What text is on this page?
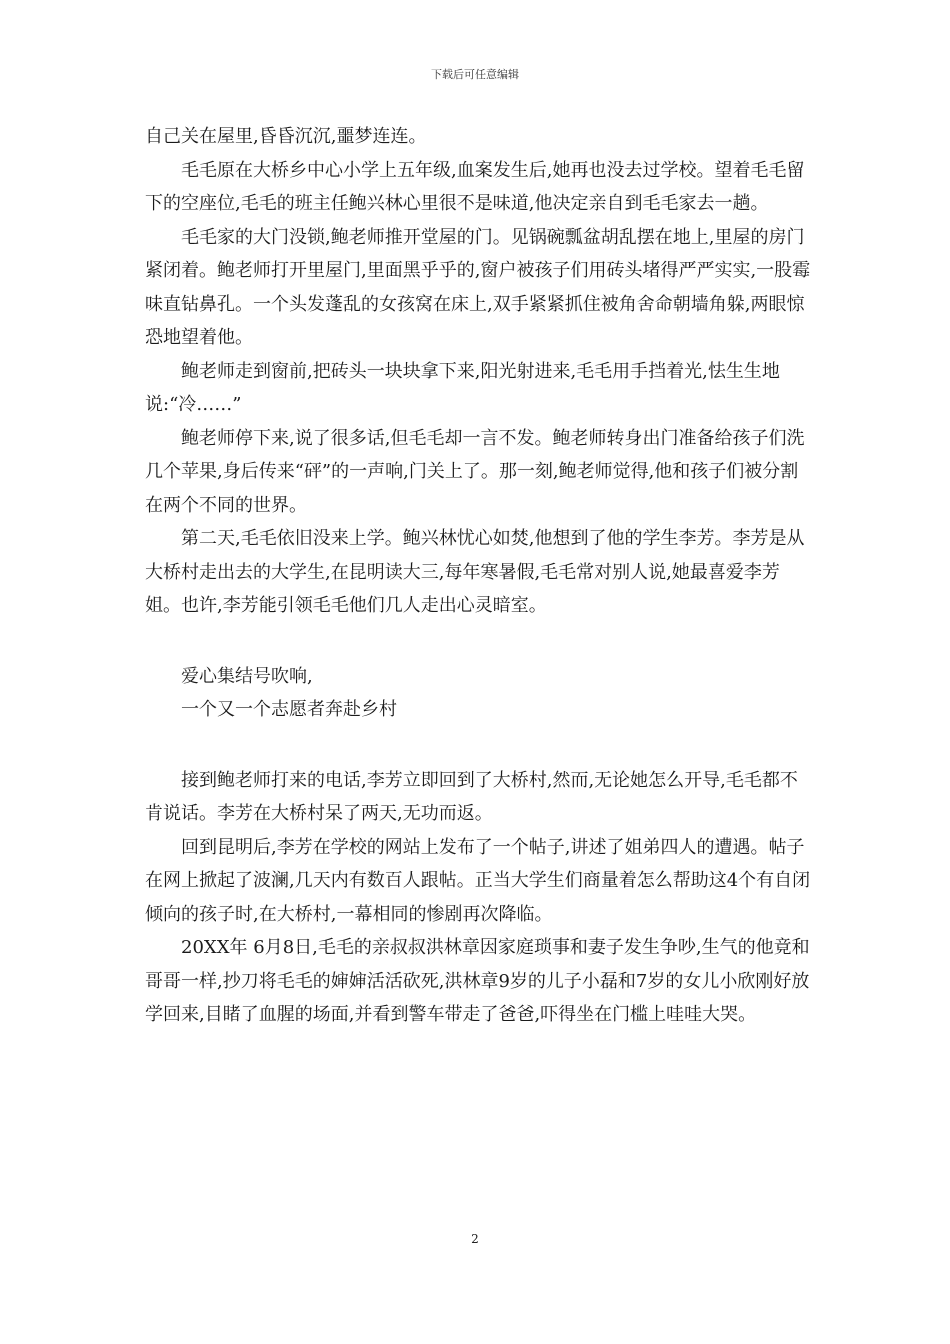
下载后可任意编辑

自己关在屋里,昏昏沉沉,噩梦连连。

毛毛原在大桥乡中心小学上五年级,血案发生后,她再也没去过学校。望着毛毛留下的空座位,毛毛的班主任鲍兴林心里很不是味道,他决定亲自到毛毛家去一趟。

毛毛家的大门没锁,鲍老师推开堂屋的门。见锅碗瓢盆胡乱摆在地上,里屋的房门紧闭着。鲍老师打开里屋门,里面黑乎乎的,窗户被孩子们用砖头堵得严严实实,一股霉味直钻鼻孔。一个头发蓬乱的女孩窝在床上,双手紧紧抓住被角舍命朝墙角躲,两眼惊恐地望着他。

鲍老师走到窗前,把砖头一块块拿下来,阳光射进来,毛毛用手挡着光,怯生生地说:“冷……”

鲍老师停下来,说了很多话,但毛毛却一言不发。鲍老师转身出门准备给孩子们洗几个苹果,身后传来“砰”的一声响,门关上了。那一刻,鲍老师觉得,他和孩子们被分割在两个不同的世界。

第二天,毛毛依旧没来上学。鲍兴林忧心如焚,他想到了他的学生李芳。李芳是从大桥村走出去的大学生,在昆明读大三,每年寒暑假,毛毛常对别人说,她最喜爱李芳姐。也许,李芳能引领毛毛他们几人走出心灵暗室。

爱心集结号吹响,

一个又一个志愿者奔赴乡村

接到鲍老师打来的电话,李芳立即回到了大桥村,然而,无论她怎么开导,毛毛都不肯说话。李芳在大桥村呆了两天,无功而返。

回到昆明后,李芳在学校的网站上发布了一个帖子,讲述了姐弟四人的遭遇。帖子在网上掀起了波澜,几天内有数百人跟帖。正当大学生们商量着怎么帮助这4个有自闭倾向的孩子时,在大桥村,一幕相同的惨剧再次降临。

20XX年 6月8日,毛毛的亲叔叔洪林章因家庭琐事和妻子发生争吵,生气的他竟和哥哥一样,抄刀将毛毛的婶婶活活砍死,洪林章9岁的儿子小磊和7岁的女儿小欣刚好放学回来,目睹了血腥的场面,并看到警车带走了爸爸,吓得坐在门槛上哇哇大哭。

2
